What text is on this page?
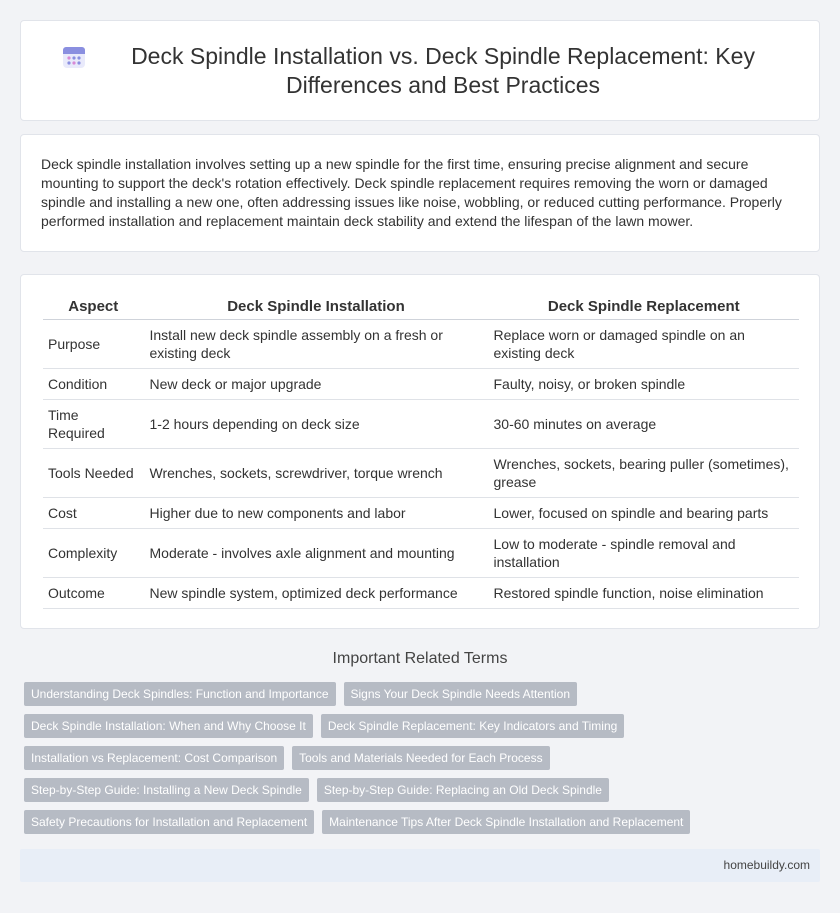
Deck Spindle Installation vs. Deck Spindle Replacement: Key Differences and Best Practices

Deck spindle installation involves setting up a new spindle for the first time, ensuring precise alignment and secure mounting to support the deck's rotation effectively. Deck spindle replacement requires removing the worn or damaged spindle and installing a new one, often addressing issues like noise, wobbling, or reduced cutting performance. Properly performed installation and replacement maintain deck stability and extend the lifespan of the lawn mower.

Aspect	Deck Spindle Installation	Deck Spindle Replacement
Purpose	Install new deck spindle assembly on a fresh or existing deck	Replace worn or damaged spindle on an existing deck
Condition	New deck or major upgrade	Faulty, noisy, or broken spindle
Time Required	1-2 hours depending on deck size	30-60 minutes on average
Tools Needed	Wrenches, sockets, screwdriver, torque wrench	Wrenches, sockets, bearing puller (sometimes), grease
Cost	Higher due to new components and labor	Lower, focused on spindle and bearing parts
Complexity	Moderate - involves axle alignment and mounting	Low to moderate - spindle removal and installation
Outcome	New spindle system, optimized deck performance	Restored spindle function, noise elimination
Important Related Terms
Understanding Deck Spindles: Function and Importance	Signs Your Deck Spindle Needs Attention
Deck Spindle Installation: When and Why Choose It	Deck Spindle Replacement: Key Indicators and Timing
Installation vs Replacement: Cost Comparison	Tools and Materials Needed for Each Process
Step-by-Step Guide: Installing a New Deck Spindle	Step-by-Step Guide: Replacing an Old Deck Spindle
Safety Precautions for Installation and Replacement	Maintenance Tips After Deck Spindle Installation and Replacement
homebuildy.com
